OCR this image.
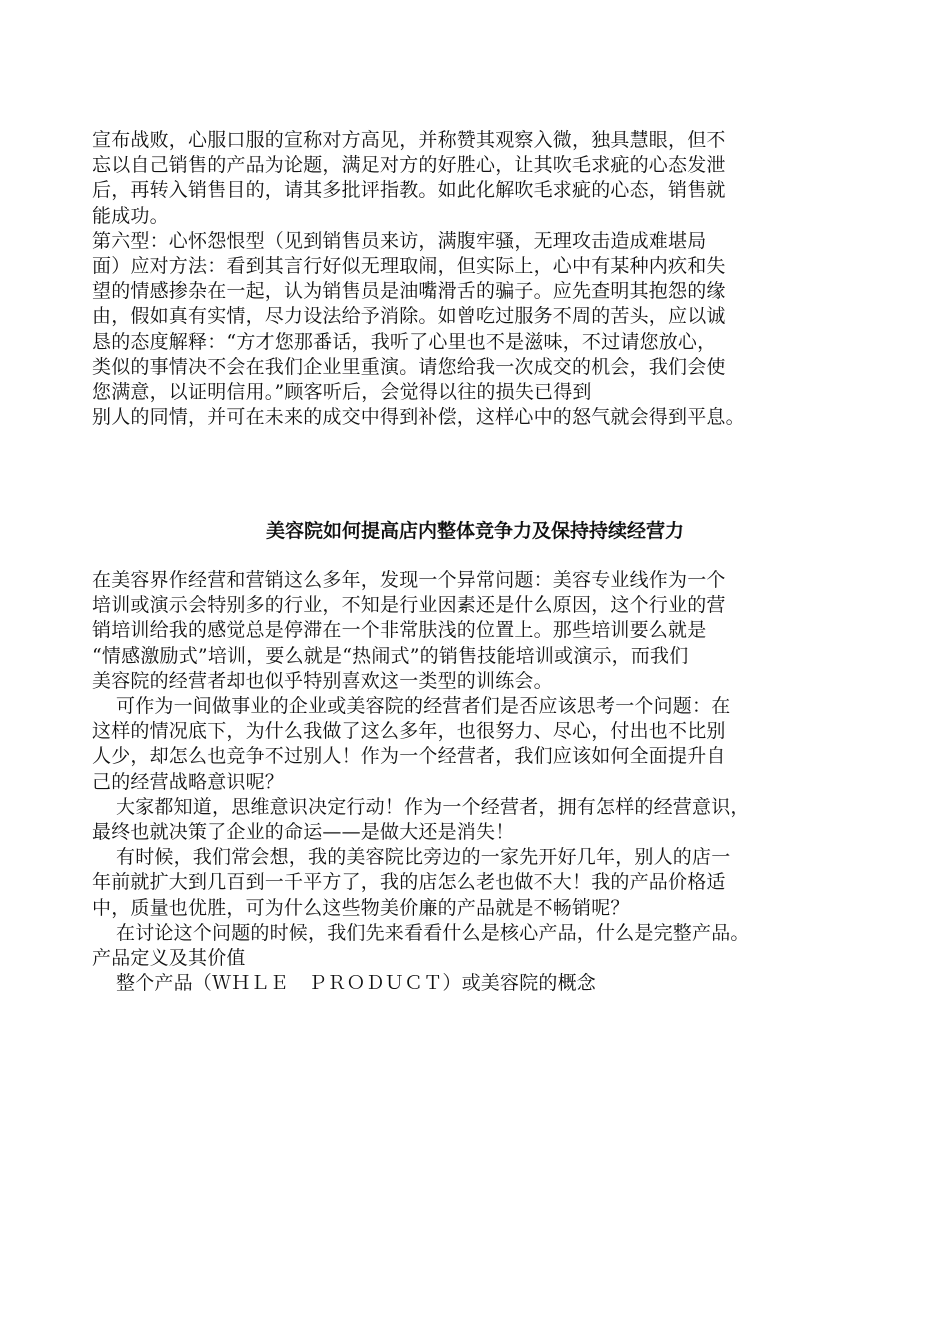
宣布战败，心服口服的宣称对方高见，并称赞其观察入微，独具慧眼，但不
忘以自己销售的产品为论题，满足对方的好胜心，让其吹毛求疵的心态发泄
后，再转入销售目的，请其多批评指教。如此化解吹毛求疵的心态，销售就
能成功。
第六型：心怀怨恨型（见到销售员来访，满腹牢骚，无理攻击造成难堪局
面）应对方法：看到其言行好似无理取闹，但实际上，心中有某种内疚和失
望的情感掺杂在一起，认为销售员是油嘴滑舌的骗子。应先查明其抱怨的缘
由，假如真有实情，尽力设法给予消除。如曾吃过服务不周的苦头，应以诚
恳的态度解释：“方才您那番话，我听了心里也不是滋味，不过请您放心，
类似的事情决不会在我们企业里重演。请您给我一次成交的机会，我们会使
您满意，以证明信用。”顾客听后，会觉得以往的损失已得到
别人的同情，并可在未来的成交中得到补偿，这样心中的怒气就会得到平息。
美容院如何提高店内整体竞争力及保持持续经营力
在美容界作经营和营销这么多年，发现一个异常问题：美容专业线作为一个
培训或演示会特别多的行业，不知是行业因素还是什么原因，这个行业的营
销培训给我的感觉总是停滞在一个非常肤浅的位置上。那些培训要么就是
“情感激励式”培训，要么就是“热闹式”的销售技能培训或演示，而我们
美容院的经营者却也似乎特别喜欢这一类型的训练会。
可作为一间做事业的企业或美容院的经营者们是否应该思考一个问题：在
这样的情况底下，为什么我做了这么多年，也很努力、尽心，付出也不比别
人少，却怎么也竞争不过别人！作为一个经营者，我们应该如何全面提升自
己的经营战略意识呢？
大家都知道，思维意识决定行动！作为一个经营者，拥有怎样的经营意识，
最终也就决策了企业的命运——是做大还是消失！
有时候，我们常会想，我的美容院比旁边的一家先开好几年，别人的店一
年前就扩大到几百到一千平方了，我的店怎么老也做不大！我的产品价格适
中，质量也优胜，可为什么这些物美价廉的产品就是不畅销呢？
在讨论这个问题的时候，我们先来看看什么是核心产品，什么是完整产品。
产品定义及其价值
整个产品（ＷＨＬＥ　ＰＲＯＤＵＣＴ）或美容院的概念
